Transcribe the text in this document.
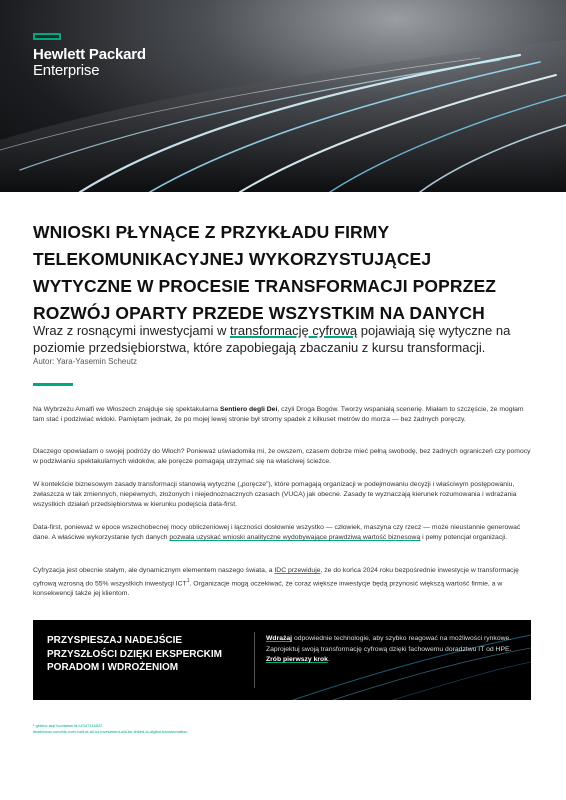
Hewlett Packard
Enterprise
WNIOSKI PŁYNĄCE Z PRZYKŁADU FIRMY TELEKOMUNIKACYJNEJ WYKORZYSTUJĄCEJ WYTYCZNE W PROCESIE TRANSFORMACJI POPRZEZ ROZWÓJ OPARTY PRZEDE WSZYSTKIM NA DANYCH
Wraz z rosnącymi inwestycjami w transformację cyfrową pojawiają się wytyczne na poziomie przedsiębiorstwa, które zapobiegają zbaczaniu z kursu transformacji.
Autor: Yara-Yasemin Scheutz
Na Wybrzeżu Amalfi we Włoszech znajduje się spektakularna Sentiero degli Dei, czyli Droga Bogów. Tworzy wspaniałą scenerię. Miałam to szczęście, że mogłam tam stać i podziwiać widoki. Pamiętam jednak, że po mojej lewej stronie był stromy spadek z kilkuset metrów do morza — bez żadnych poręczy.
Dlaczego opowiadam o swojej podróży do Włoch? Ponieważ uświadomiła mi, że owszem, czasem dobrze mieć pełną swobodę, bez żadnych ograniczeń czy pomocy w podziwianiu spektakularnych widoków, ale poręcze pomagają utrzymać się na właściwej ścieżce.
W kontekście biznesowym zasady transformacji stanowią wytyczne („poręcze”), które pomagają organizacji w podejmowaniu decyzji i właściwym postępowaniu, zwłaszcza w tak zmiennych, niepewnych, złożonych i niejednoznacznych czasach (VUCA) jak obecne. Zasady te wyznaczają kierunek rozumowania i wdrażania wszystkich działań przedsiębiorstwa w kierunku podejścia data-first.
Data-first, ponieważ w epoce wszechobecnej mocy obliczeniowej i łączności dosłownie wszystko — człowiek, maszyna czy rzecz — może nieustannie generować dane. A właściwe wykorzystanie tych danych pozwala uzyskać wnioski analityczne wydobywające prawdziwą wartość biznesową i pełny potencjał organizacji.
Cyfryzacja jest obecnie stałym, ale dynamicznym elementem naszego świata, a IDC przewiduje, że do końca 2024 roku bezpośrednie inwestycje w transformację cyfrową wzrosną do 55% wszystkich inwestycji ICT$^1$. Organizacje mogą oczekiwać, że coraz większe inwestycje będą przynosić większą wartość firmie, a w konsekwencji także jej klientom.
PRZYSPIESZAJ NADEJŚCIE PRZYSZŁOŚCI DZIĘKI EKSPERCKIM PORADOM I WDROŻENIOM
Wdrażaj odpowiednie technologie, aby szybko reagować na możliwości rynkowe. Zaprojektuj swoją transformację cyfrową dzięki fachowemu doradztwu IT od HPE. Zrób pierwszy krok.
¹ getdoc.asp?containerId=US47115522
itwebfocus.com/idc-over-half-of-all-ict-investment-will-be-linked-to-digital-transformation
